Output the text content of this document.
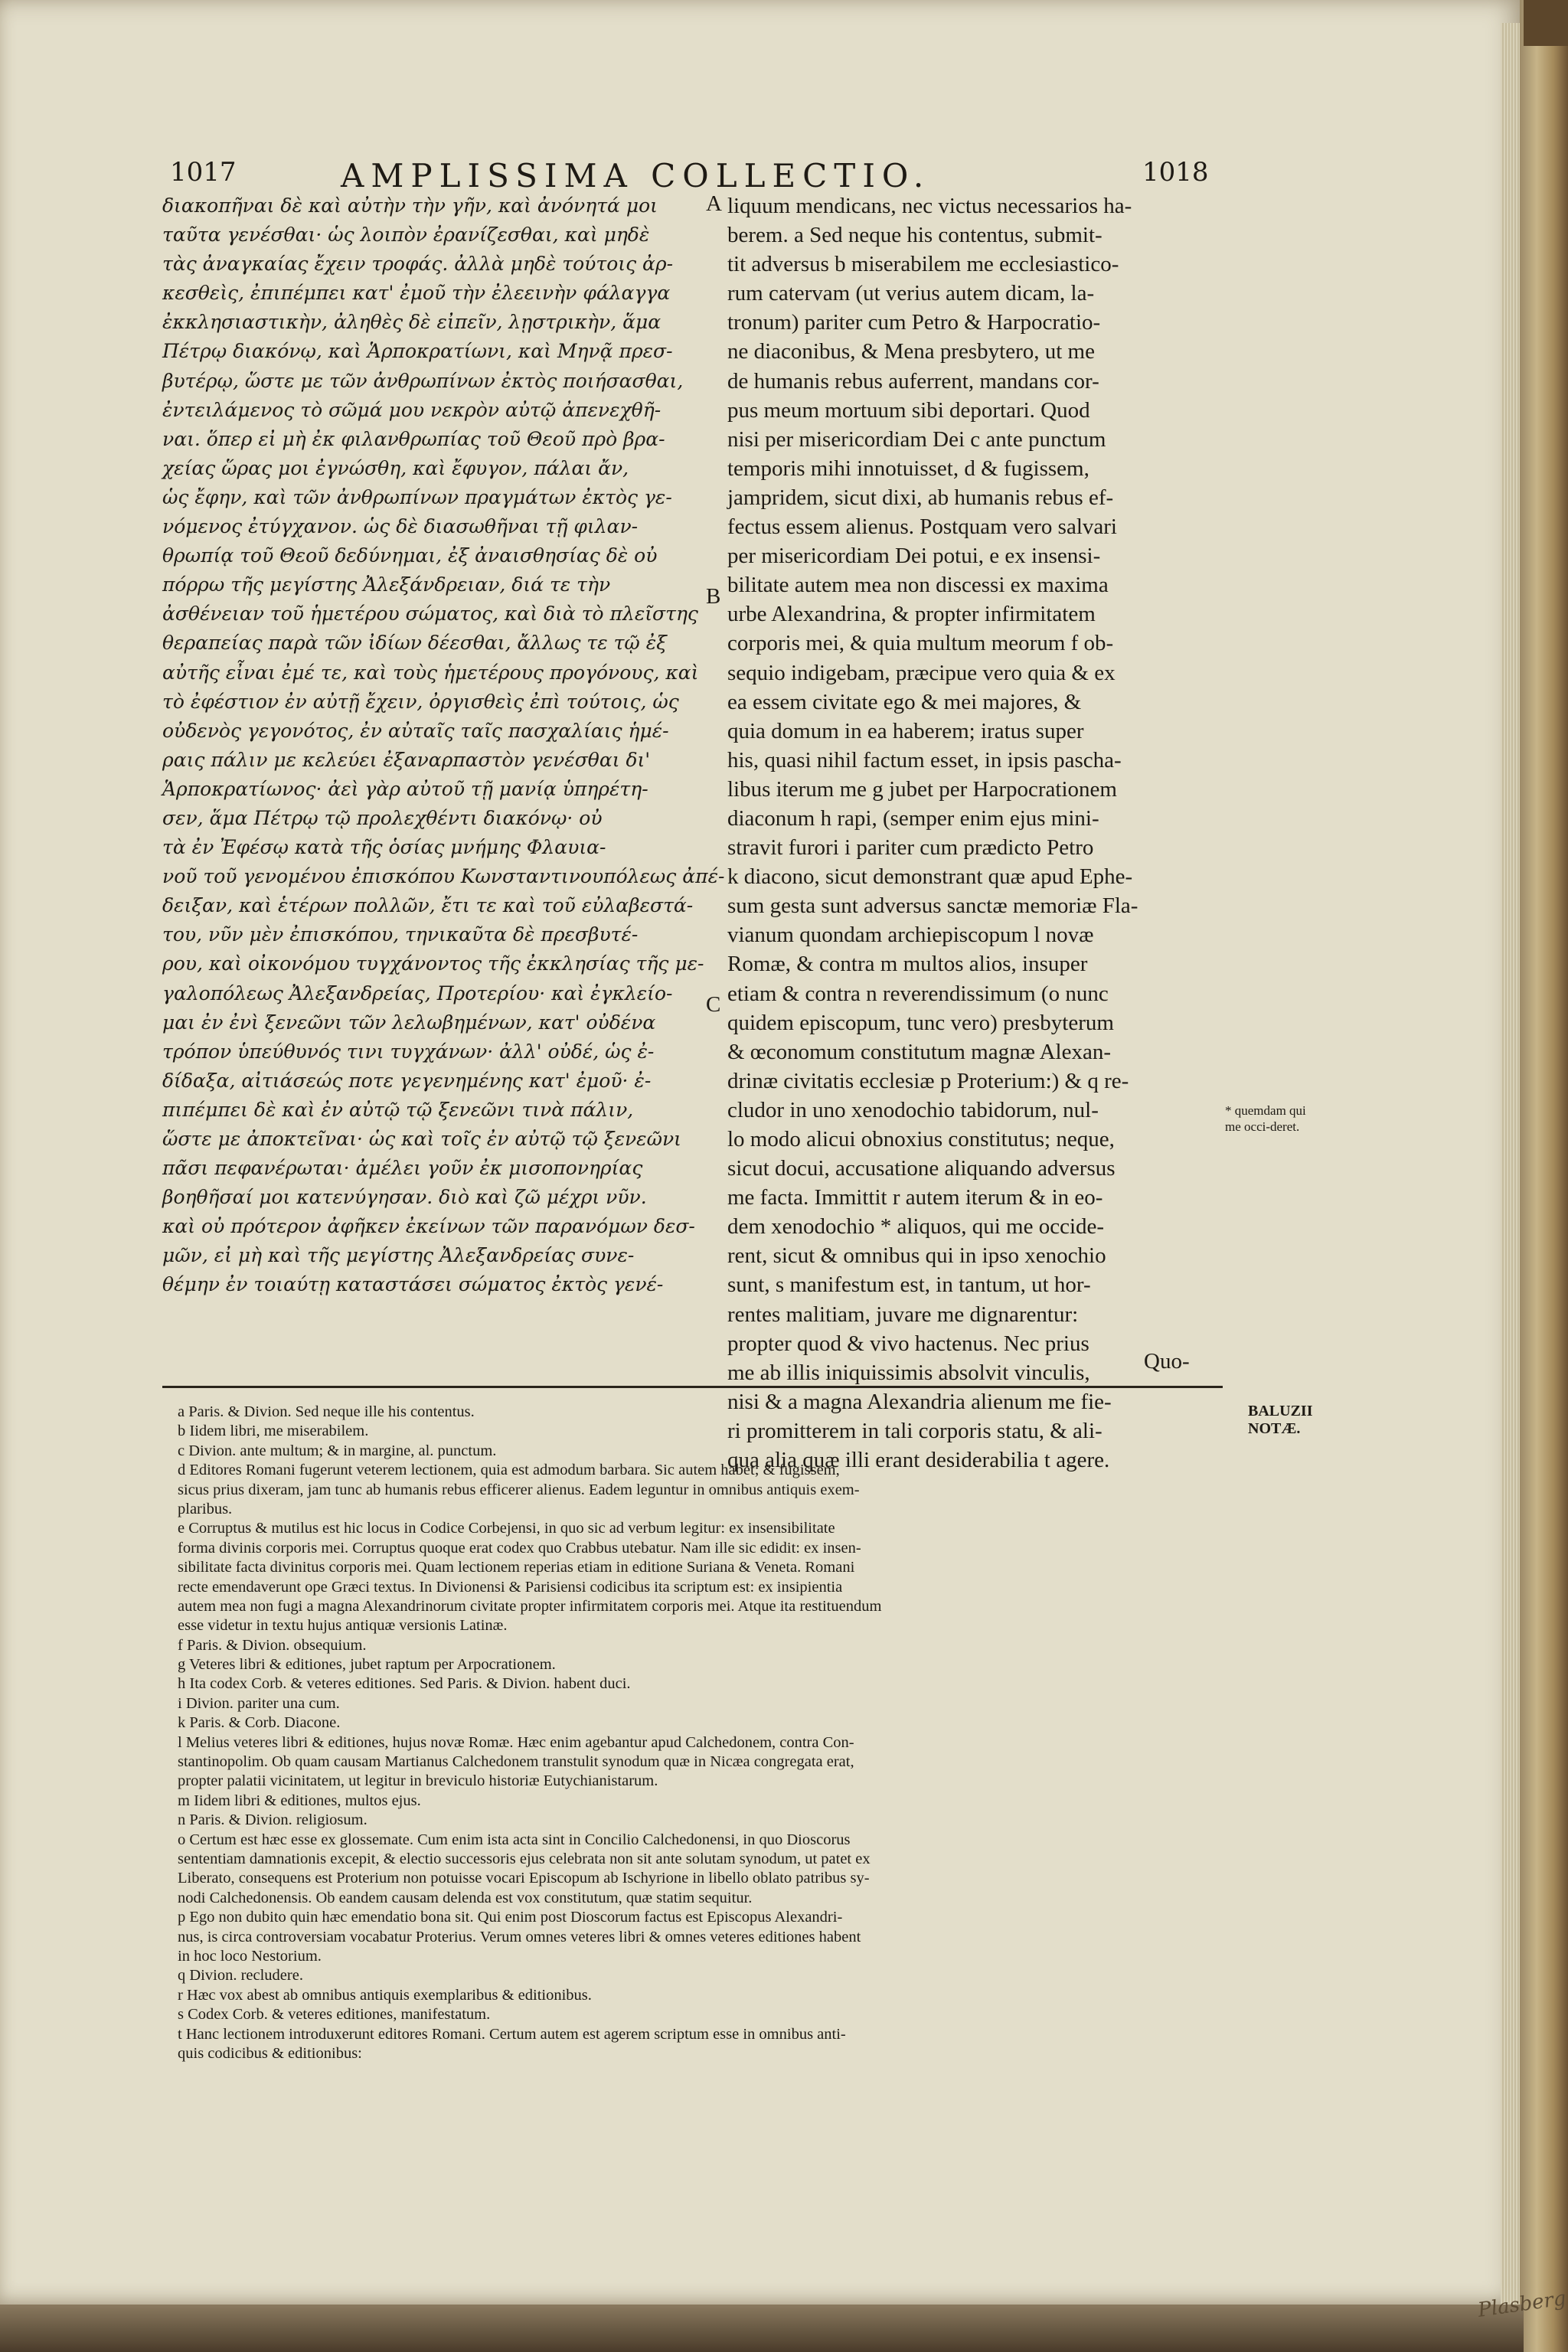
Plasberg
1017	AMPLISSIMA COLLECTIO.	1018
διακοπῆναι δὲ καὶ αὐτὴν τὴν γῆν, καὶ ἀνόνητά μοι
ταῦτα γενέσθαι· ὡς λοιπὸν ἐρανίζεσθαι, καὶ μηδὲ
τὰς ἀναγκαίας ἔχειν τροφάς. ἀλλὰ μηδὲ τούτοις ἀρ-
κεσθεὶς, ἐπιπέμπει κατ' ἐμοῦ τὴν ἐλεεινὴν φάλαγγα
ἐκκλησιαστικὴν, ἀληθὲς δὲ εἰπεῖν, λῃστρικὴν, ἅμα
Πέτρῳ διακόνῳ, καὶ Ἁρποκρατίωνι, καὶ Μηνᾷ πρεσ-
βυτέρῳ, ὥστε με τῶν ἀνθρωπίνων ἐκτὸς ποιήσασθαι,
ἐντειλάμενος τὸ σῶμά μου νεκρὸν αὐτῷ ἀπενεχθῆ-
ναι. ὅπερ εἰ μὴ ἐκ φιλανθρωπίας τοῦ Θεοῦ πρὸ βρα-
χείας ὥρας μοι ἐγνώσθη, καὶ ἔφυγον, πάλαι ἄν,
ὡς ἔφην, καὶ τῶν ἀνθρωπίνων πραγμάτων ἐκτὸς γε-
νόμενος ἐτύγχανον. ὡς δὲ διασωθῆναι τῇ φιλαν-
θρωπίᾳ τοῦ Θεοῦ δεδύνημαι, ἐξ ἀναισθησίας δὲ οὐ
πόρρω τῆς μεγίστης Ἀλεξάνδρειαν, διά τε τὴν
ἀσθένειαν τοῦ ἡμετέρου σώματος, καὶ διὰ τὸ πλεῖστης
θεραπείας παρὰ τῶν ἰδίων δέεσθαι, ἄλλως τε τῷ ἐξ
αὐτῆς εἶναι ἐμέ τε, καὶ τοὺς ἡμετέρους προγόνους, καὶ
τὸ ἐφέστιον ἐν αὐτῇ ἔχειν, ὀργισθεὶς ἐπὶ τούτοις, ὡς
οὐδενὸς γεγονότος, ἐν αὐταῖς ταῖς πασχαλίαις ἡμέ-
ραις πάλιν με κελεύει ἐξαναρπαστὸν γενέσθαι δι'
Ἁρποκρατίωνος· ἀεὶ γὰρ αὐτοῦ τῇ μανίᾳ ὑπηρέτη-
σεν, ἅμα Πέτρῳ τῷ προλεχθέντι διακόνῳ· οὐ
τὰ ἐν Ἐφέσῳ κατὰ τῆς ὁσίας μνήμης Φλαυια-
νοῦ τοῦ γενομένου ἐπισκόπου Κωνσταντινουπόλεως ἀπέ-
δειξαν, καὶ ἑτέρων πολλῶν, ἔτι τε καὶ τοῦ εὐλαβεστά-
του, νῦν μὲν ἐπισκόπου, τηνικαῦτα δὲ πρεσβυτέ-
ρου, καὶ οἰκονόμου τυγχάνοντος τῆς ἐκκλησίας τῆς με-
γαλοπόλεως Ἀλεξανδρείας, Προτερίου· καὶ ἐγκλείο-
μαι ἐν ἐνὶ ξενεῶνι τῶν λελωβημένων, κατ' οὐδένα
τρόπον ὑπεύθυνός τινι τυγχάνων· ἀλλ' οὐδέ, ὡς ἐ-
δίδαξα, αἰτιάσεώς ποτε γεγενημένης κατ' ἐμοῦ· ἐ-
πιπέμπει δὲ καὶ ἐν αὐτῷ τῷ ξενεῶνι τινὰ πάλιν,
ὥστε με ἀποκτεῖναι· ὡς καὶ τοῖς ἐν αὐτῷ τῷ ξενεῶνι
πᾶσι πεφανέρωται· ἀμέλει γοῦν ἐκ μισοπονηρίας
βοηθῆσαί μοι κατενύγησαν. διὸ καὶ ζῶ μέχρι νῦν.
καὶ οὐ πρότερον ἀφῆκεν ἐκείνων τῶν παρανόμων δεσ-
μῶν, εἰ μὴ καὶ τῆς μεγίστης Ἀλεξανδρείας συνε-
θέμην ἐν τοιαύτῃ καταστάσει σώματος ἐκτὸς γενέ-
liquum mendicans, nec victus necessarios ha-
berem. a Sed neque his contentus, submit-
tit adversus b miserabilem me ecclesiastico-
rum catervam (ut verius autem dicam, la-
tronum) pariter cum Petro & Harpocratio-
ne diaconibus, & Mena presbytero, ut me
de humanis rebus auferrent, mandans cor-
pus meum mortuum sibi deportari. Quod
nisi per misericordiam Dei c ante punctum
temporis mihi innotuisset, d & fugissem,
jampridem, sicut dixi, ab humanis rebus ef-
fectus essem alienus. Postquam vero salvari
per misericordiam Dei potui, e ex insensi-
bilitate autem mea non discessi ex maxima
urbe Alexandrina, & propter infirmitatem
corporis mei, & quia multum meorum f ob-
sequio indigebam, præcipue vero quia & ex
ea essem civitate ego & mei majores, &
quia domum in ea haberem; iratus super
his, quasi nihil factum esset, in ipsis pascha-
libus iterum me g jubet per Harpocrationem
diaconum h rapi, (semper enim ejus mini-
stravit furori i pariter cum prædicto Petro
k diacono, sicut demonstrant quæ apud Ephe-
sum gesta sunt adversus sanctæ memoriæ Fla-
vianum quondam archiepiscopum l novæ
Romæ, & contra m multos alios, insuper
etiam & contra n reverendissimum (o nunc
quidem episcopum, tunc vero) presbyterum
& œconomum constitutum magnæ Alexan-
drinæ civitatis ecclesiæ p Proterium:) & q re-
cludor in uno xenodochio tabidorum, nul-
lo modo alicui obnoxius constitutus; neque,
sicut docui, accusatione aliquando adversus
me facta. Immittit r autem iterum & in eo-
dem xenodochio * aliquos, qui me occide-
rent, sicut & omnibus qui in ipso xenochio
sunt, s manifestum est, in tantum, ut hor-
rentes malitiam, juvare me dignarentur:
propter quod & vivo hactenus. Nec prius
me ab illis iniquissimis absolvit vinculis,
nisi & a magna Alexandria alienum me fie-
ri promitterem in tali corporis statu, & ali-
qua alia quæ illi erant desiderabilia t agere.
A
B
C
* quemdam qui me occi-deret.
Quo-
BALUZII NOTÆ.
a Paris. & Divion. Sed neque ille his contentus.
b Iidem libri, me miserabilem.
c Divion. ante multum; & in margine, al. punctum.
d Editores Romani fugerunt veterem lectionem, quia est admodum barbara. Sic autem habet; & fugissem,
sicus prius dixeram, jam tunc ab humanis rebus efficerer alienus. Eadem leguntur in omnibus antiquis exem-
plaribus.
e Corruptus & mutilus est hic locus in Codice Corbejensi, in quo sic ad verbum legitur: ex insensibilitate
forma divinis corporis mei. Corruptus quoque erat codex quo Crabbus utebatur. Nam ille sic edidit: ex insen-
sibilitate facta divinitus corporis mei. Quam lectionem reperias etiam in editione Suriana & Veneta. Romani
recte emendaverunt ope Græci textus. In Divionensi & Parisiensi codicibus ita scriptum est: ex insipientia
autem mea non fugi a magna Alexandrinorum civitate propter infirmitatem corporis mei. Atque ita restituendum
esse videtur in textu hujus antiquæ versionis Latinæ.
f Paris. & Divion. obsequium.
g Veteres libri & editiones, jubet raptum per Arpocrationem.
h Ita codex Corb. & veteres editiones. Sed Paris. & Divion. habent duci.
i Divion. pariter una cum.
k Paris. & Corb. Diacone.
l Melius veteres libri & editiones, hujus novæ Romæ. Hæc enim agebantur apud Calchedonem, contra Con-
stantinopolim. Ob quam causam Martianus Calchedonem transtulit synodum quæ in Nicæa congregata erat,
propter palatii vicinitatem, ut legitur in breviculo historiæ Eutychianistarum.
m Iidem libri & editiones, multos ejus.
n Paris. & Divion. religiosum.
o Certum est hæc esse ex glossemate. Cum enim ista acta sint in Concilio Calchedonensi, in quo Dioscorus
sententiam damnationis excepit, & electio successoris ejus celebrata non sit ante solutam synodum, ut patet ex
Liberato, consequens est Proterium non potuisse vocari Episcopum ab Ischyrione in libello oblato patribus sy-
nodi Calchedonensis. Ob eandem causam delenda est vox constitutum, quæ statim sequitur.
p Ego non dubito quin hæc emendatio bona sit. Qui enim post Dioscorum factus est Episcopus Alexandri-
nus, is circa controversiam vocabatur Proterius. Verum omnes veteres libri & omnes veteres editiones habent
in hoc loco Nestorium.
q Divion. recludere.
r Hæc vox abest ab omnibus antiquis exemplaribus & editionibus.
s Codex Corb. & veteres editiones, manifestatum.
t Hanc lectionem introduxerunt editores Romani. Certum autem est agerem scriptum esse in omnibus anti-
quis codicibus & editionibus:
